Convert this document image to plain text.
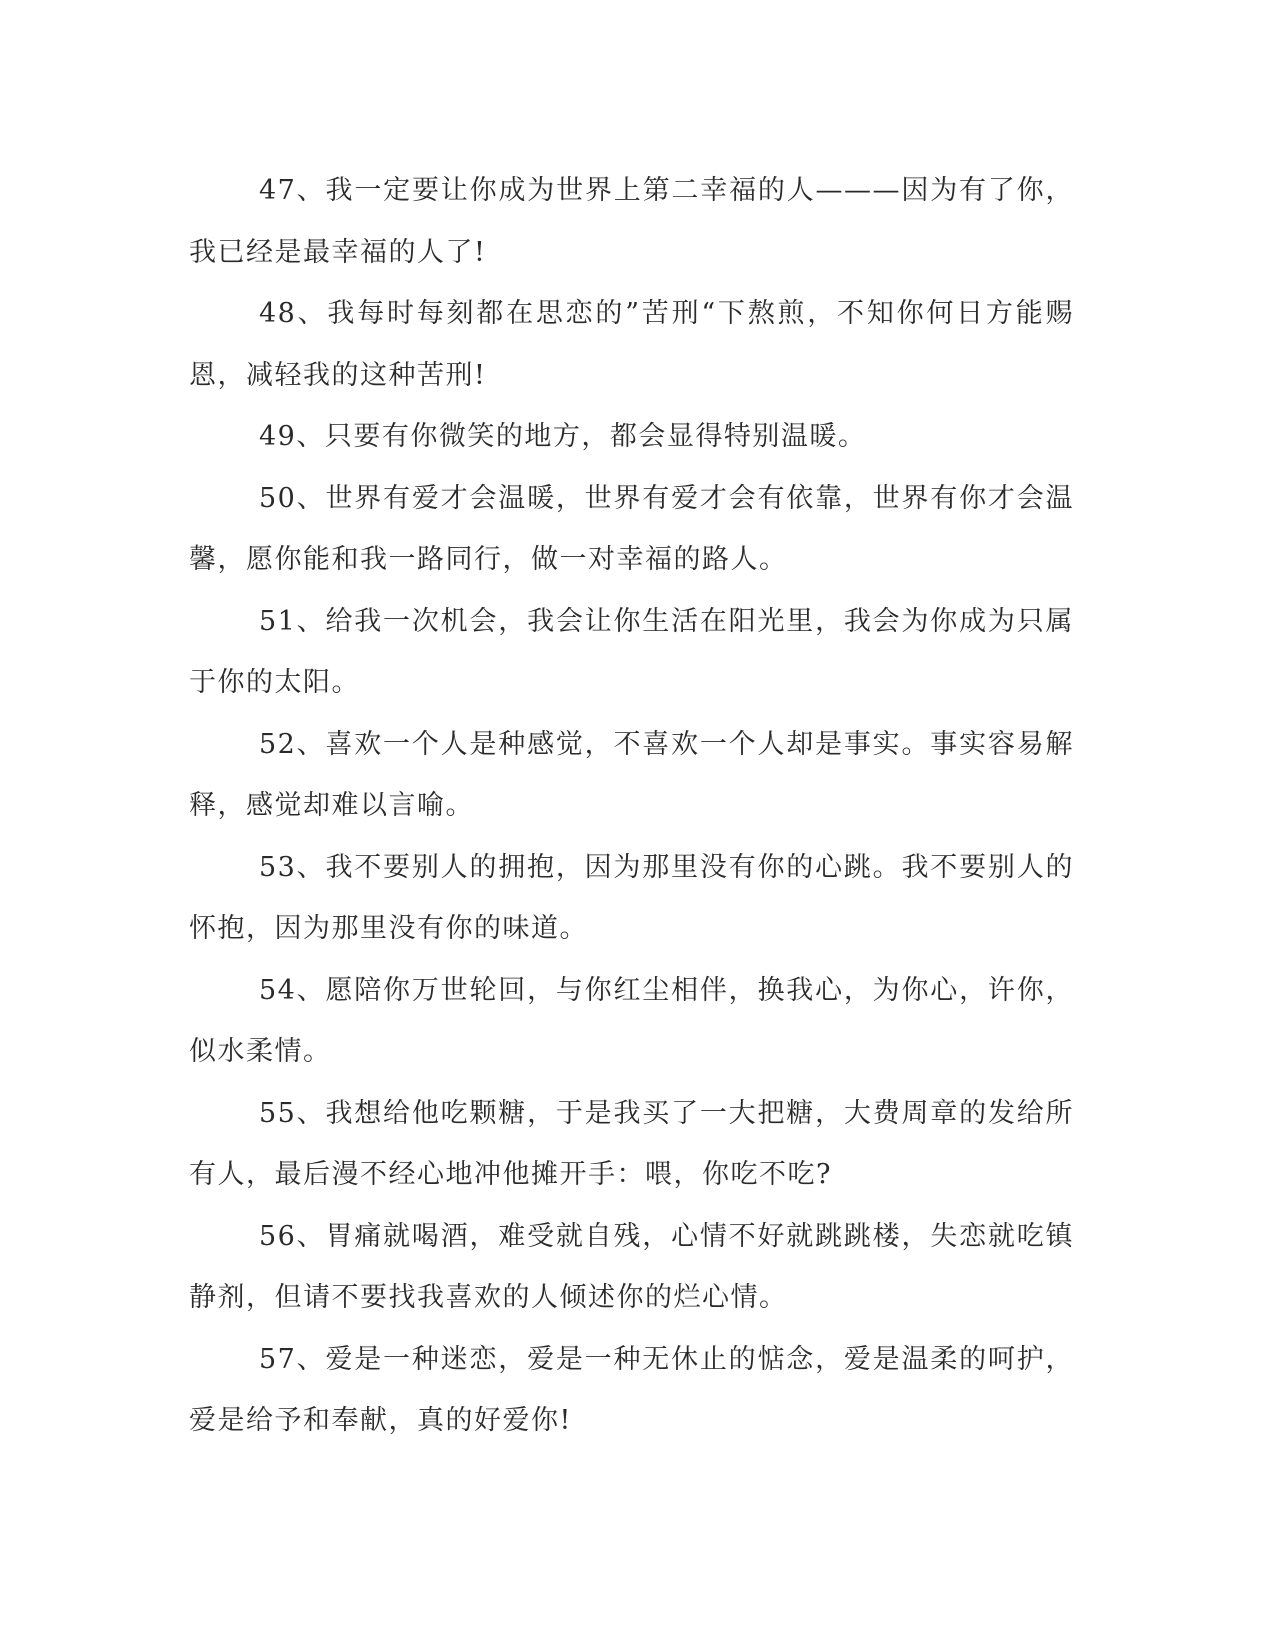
47、我一定要让你成为世界上第二幸福的人———因为有了你，我已经是最幸福的人了!

48、我每时每刻都在思恋的”苦刑“下熬煎，不知你何日方能赐恩，减轻我的这种苦刑!

49、只要有你微笑的地方，都会显得特别温暖。

50、世界有爱才会温暖，世界有爱才会有依靠，世界有你才会温馨，愿你能和我一路同行，做一对幸福的路人。

51、给我一次机会，我会让你生活在阳光里，我会为你成为只属于你的太阳。

52、喜欢一个人是种感觉，不喜欢一个人却是事实。事实容易解释，感觉却难以言喻。

53、我不要别人的拥抱，因为那里没有你的心跳。我不要别人的怀抱，因为那里没有你的味道。

54、愿陪你万世轮回，与你红尘相伴，换我心，为你心，许你，似水柔情。

55、我想给他吃颗糖，于是我买了一大把糖，大费周章的发给所有人，最后漫不经心地冲他摊开手：喂，你吃不吃?

56、胃痛就喝酒，难受就自残，心情不好就跳跳楼，失恋就吃镇静剂，但请不要找我喜欢的人倾述你的烂心情。

57、爱是一种迷恋，爱是一种无休止的惦念，爱是温柔的呵护，爱是给予和奉献，真的好爱你!
